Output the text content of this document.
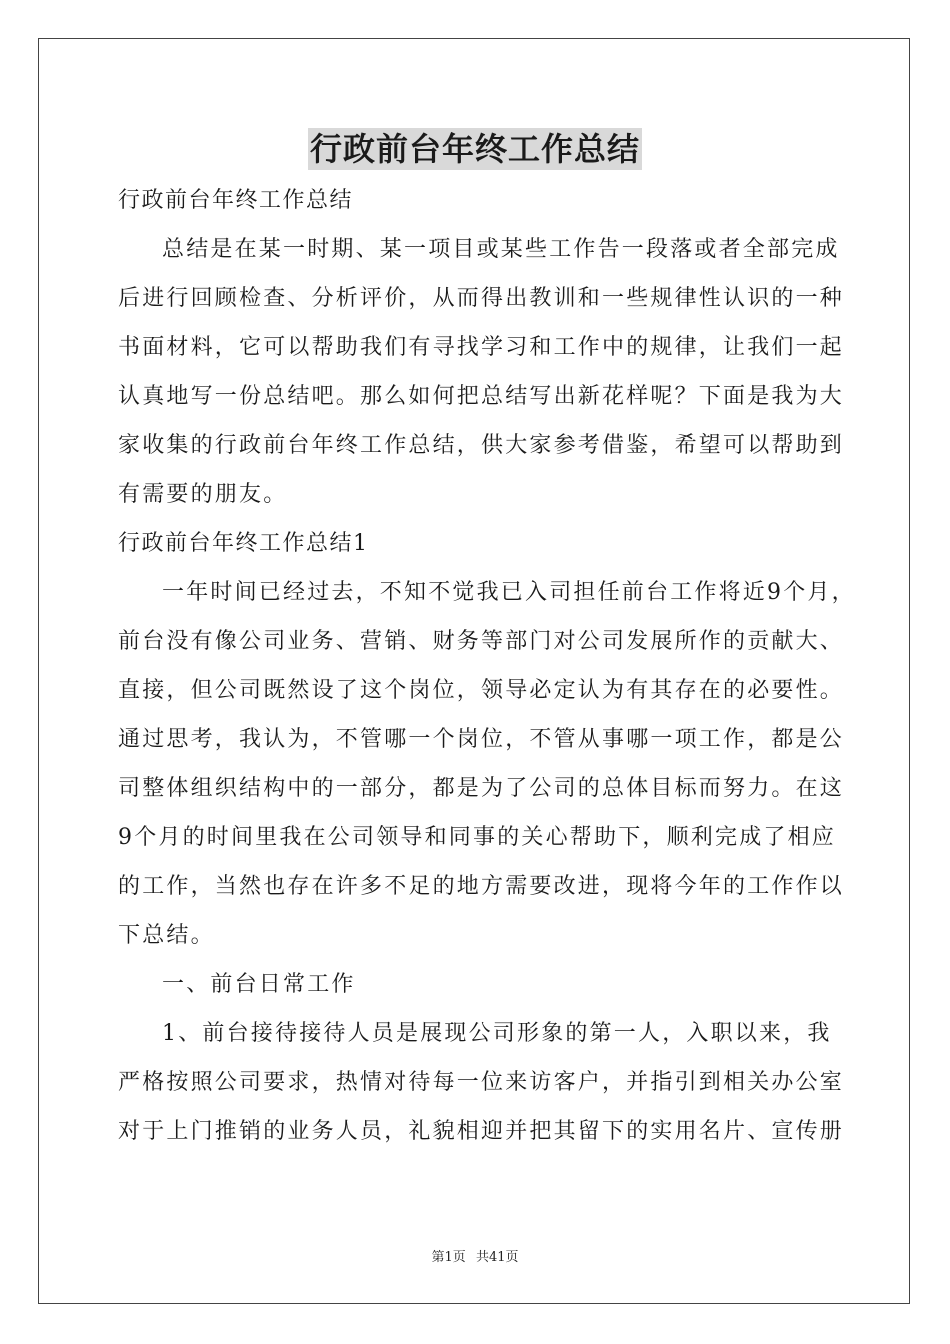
行政前台年终工作总结
行政前台年终工作总结
总结是在某一时期、某一项目或某些工作告一段落或者全部完成
后进行回顾检查、分析评价，从而得出教训和一些规律性认识的一种
书面材料，它可以帮助我们有寻找学习和工作中的规律，让我们一起
认真地写一份总结吧。那么如何把总结写出新花样呢？下面是我为大
家收集的行政前台年终工作总结，供大家参考借鉴，希望可以帮助到
有需要的朋友。
行政前台年终工作总结1
一年时间已经过去，不知不觉我已入司担任前台工作将近9个月，
前台没有像公司业务、营销、财务等部门对公司发展所作的贡献大、
直接，但公司既然设了这个岗位，领导必定认为有其存在的必要性。
通过思考，我认为，不管哪一个岗位，不管从事哪一项工作，都是公
司整体组织结构中的一部分，都是为了公司的总体目标而努力。在这
9个月的时间里我在公司领导和同事的关心帮助下，顺利完成了相应
的工作，当然也存在许多不足的地方需要改进，现将今年的工作作以
下总结。
一、前台日常工作
1、前台接待接待人员是展现公司形象的第一人，入职以来，我
严格按照公司要求，热情对待每一位来访客户，并指引到相关办公室
对于上门推销的业务人员，礼貌相迎并把其留下的实用名片、宣传册
第1页 共41页
